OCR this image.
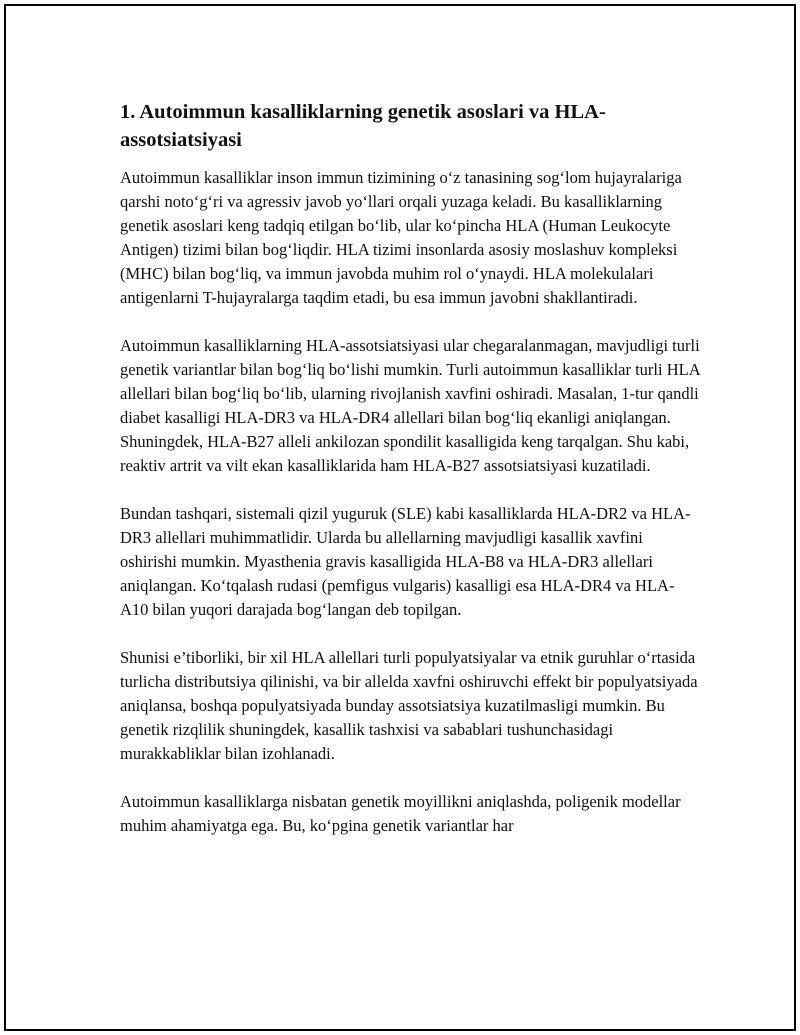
1. Autoimmun kasalliklarning genetik asoslari va HLA-assotsiatsiyasi

Autoimmun kasalliklar inson immun tizimining o‘z tanasining sog‘lom hujayralariga qarshi noto‘g‘ri va agressiv javob yo‘llari orqali yuzaga keladi. Bu kasalliklarning genetik asoslari keng tadqiq etilgan bo‘lib, ular ko‘pincha HLA (Human Leukocyte Antigen) tizimi bilan bog‘liqdir. HLA tizimi insonlarda asosiy moslashuv kompleksi (MHC) bilan bog‘liq, va immun javobda muhim rol o‘ynaydi. HLA molekulalari antigenlarni T-hujayralarga taqdim etadi, bu esa immun javobni shakllantiradi.

Autoimmun kasalliklarning HLA-assotsiatsiyasi ular chegaralanmagan, mavjudligi turli genetik variantlar bilan bog‘liq bo‘lishi mumkin. Turli autoimmun kasalliklar turli HLA allellari bilan bog‘liq bo‘lib, ularning rivojlanish xavfini oshiradi. Masalan, 1-tur qandli diabet kasalligi HLA-DR3 va HLA-DR4 allellari bilan bog‘liq ekanligi aniqlangan. Shuningdek, HLA-B27 alleli ankilozan spondilit kasalligida keng tarqalgan. Shu kabi, reaktiv artrit va vilt ekan kasalliklarida ham HLA-B27 assotsiatsiyasi kuzatiladi.

Bundan tashqari, sistemali qizil yuguruk (SLE) kabi kasalliklarda HLA-DR2 va HLA-DR3 allellari muhimmatlidir. Ularda bu allellarning mavjudligi kasallik xavfini oshirishi mumkin. Myasthenia gravis kasalligida HLA-B8 va HLA-DR3 allellari aniqlangan. Ko‘tqalash rudasi (pemfigus vulgaris) kasalligi esa HLA-DR4 va HLA-A10 bilan yuqori darajada bog‘langan deb topilgan.

Shunisi e’tiborliki, bir xil HLA allellari turli populyatsiyalar va etnik guruhlar o‘rtasida turlicha distributsiya qilinishi, va bir allelda xavfni oshiruvchi effekt bir populyatsiyada aniqlansa, boshqa populyatsiyada bunday assotsiatsiya kuzatilmasligi mumkin. Bu genetik rizqlilik shuningdek, kasallik tashxisi va sabablari tushunchasidagi murakkabliklar bilan izohlanadi.

Autoimmun kasalliklarga nisbatan genetik moyillikni aniqlashda, poligenik modellar muhim ahamiyatga ega. Bu, ko‘pgina genetik variantlar har
